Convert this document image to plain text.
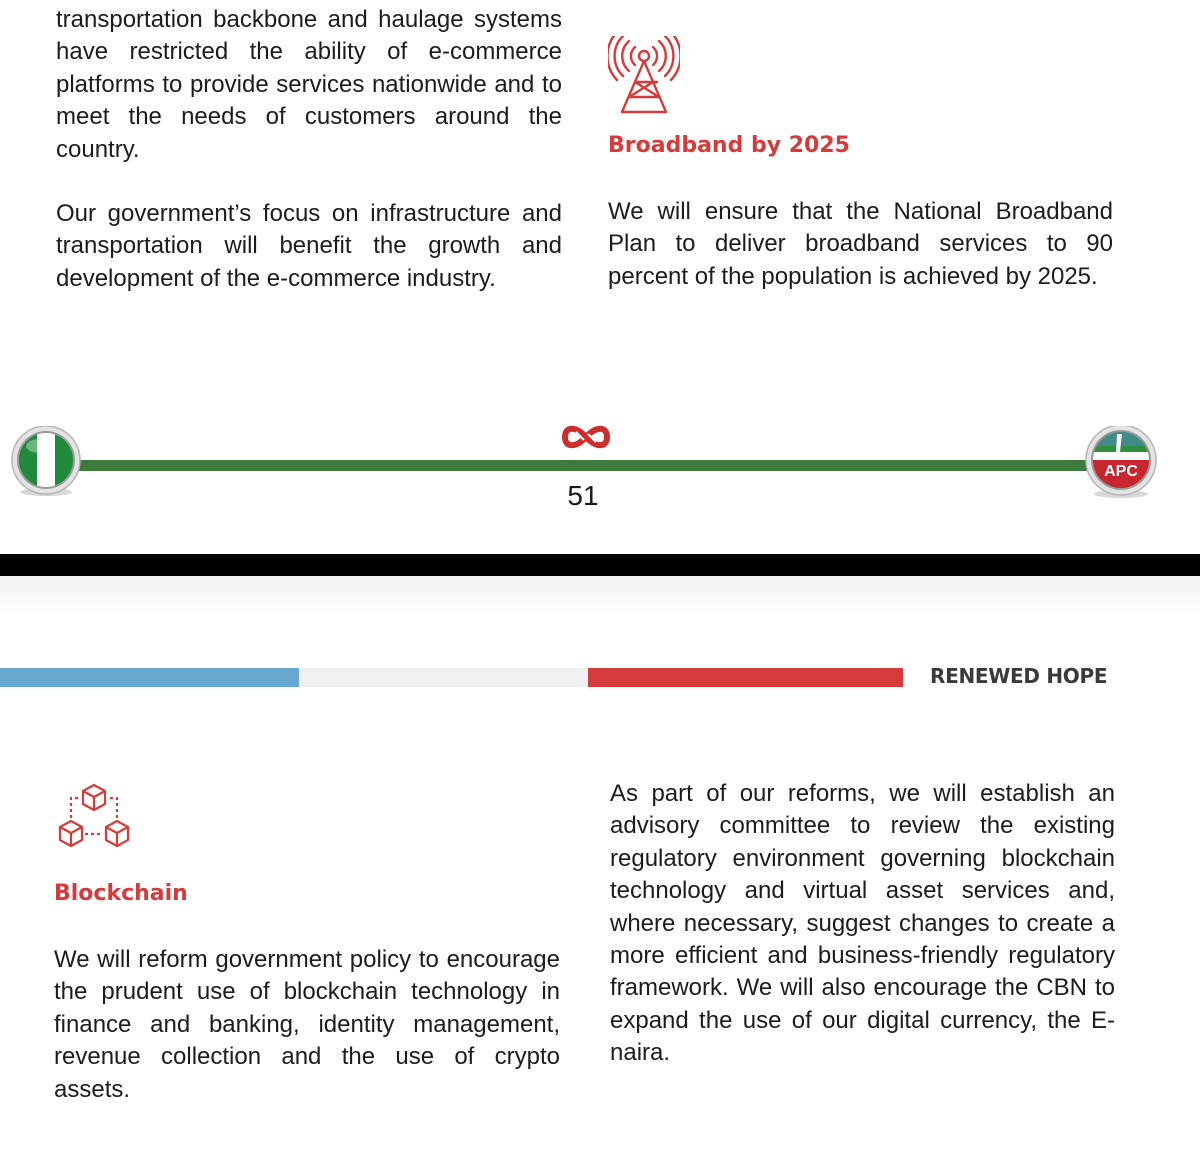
transportation backbone and haulage systems have restricted the ability of e-commerce platforms to provide services nationwide and to meet the needs of customers around the country.

Our government’s focus on infrastructure and transportation will benefit the growth and development of the e-commerce industry.

Broadband by 2025

We will ensure that the National Broadband Plan to deliver broadband services to 90 percent of the population is achieved by 2025.

51
APC
RENEWED HOPE
Blockchain

We will reform government policy to encourage the prudent use of blockchain technology in finance and banking, identity management, revenue collection and the use of crypto assets.

As part of our reforms, we will establish an advisory committee to review the existing regulatory environment governing blockchain technology and virtual asset services and, where necessary, suggest changes to create a more efficient and business-friendly regulatory framework. We will also encourage the CBN to expand the use of our digital currency, the E-naira.
